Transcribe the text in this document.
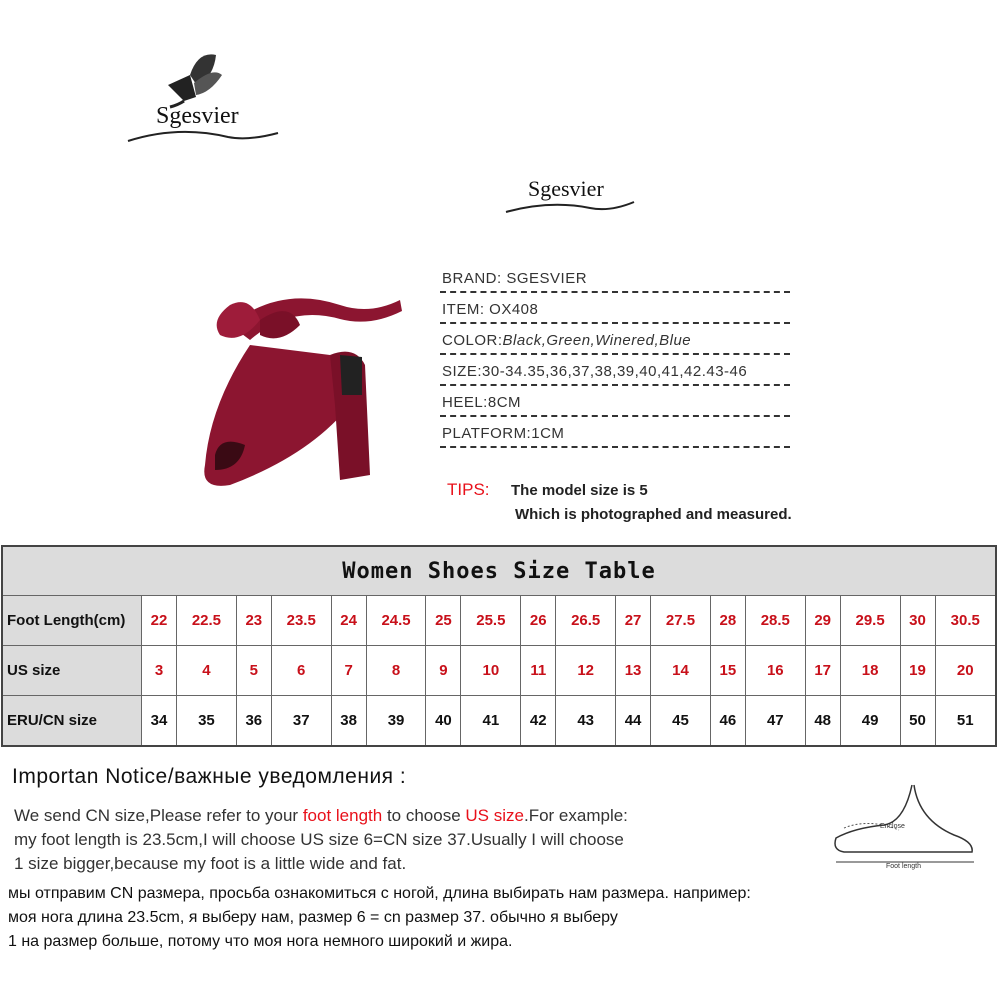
Sgesvier
Sgesvier
BRAND: SGESVIER
ITEM: OX408
COLOR:Black,Green,Winered,Blue
SIZE:30-34.35,36,37,38,39,40,41,42.43-46
HEEL:8CM
PLATFORM:1CM
TIPS: The model size is 5
Which is photographed and measured.
Women Shoes Size Table																		
Foot Length(cm)	22	22.5	23	23.5	24	24.5	25	25.5	26	26.5	27	27.5	28	28.5	29	29.5	30	30.5
US size	3	4	5	6	7	8	9	10	11	12	13	14	15	16	17	18	19	20
ERU/CN size	34	35	36	37	38	39	40	41	42	43	44	45	46	47	48	49	50	51
Importan Notice/важные уведомления :
We send CN size,Please refer to your foot length to choose US size.For example:
my foot length is 23.5cm,I will choose US size 6=CN size 37.Usually I will choose
1 size bigger,because my foot is a little wide and fat.
мы отправим CN размера, просьба ознакомиться с ногой, длина выбирать нам размера. например:
моя нога длина 23.5cm, я выберу нам, размер 6 = cn размер 37. обычно я выберу
1 на размер больше, потому что моя нога немного широкий и жира.
Enclose
Foot length
